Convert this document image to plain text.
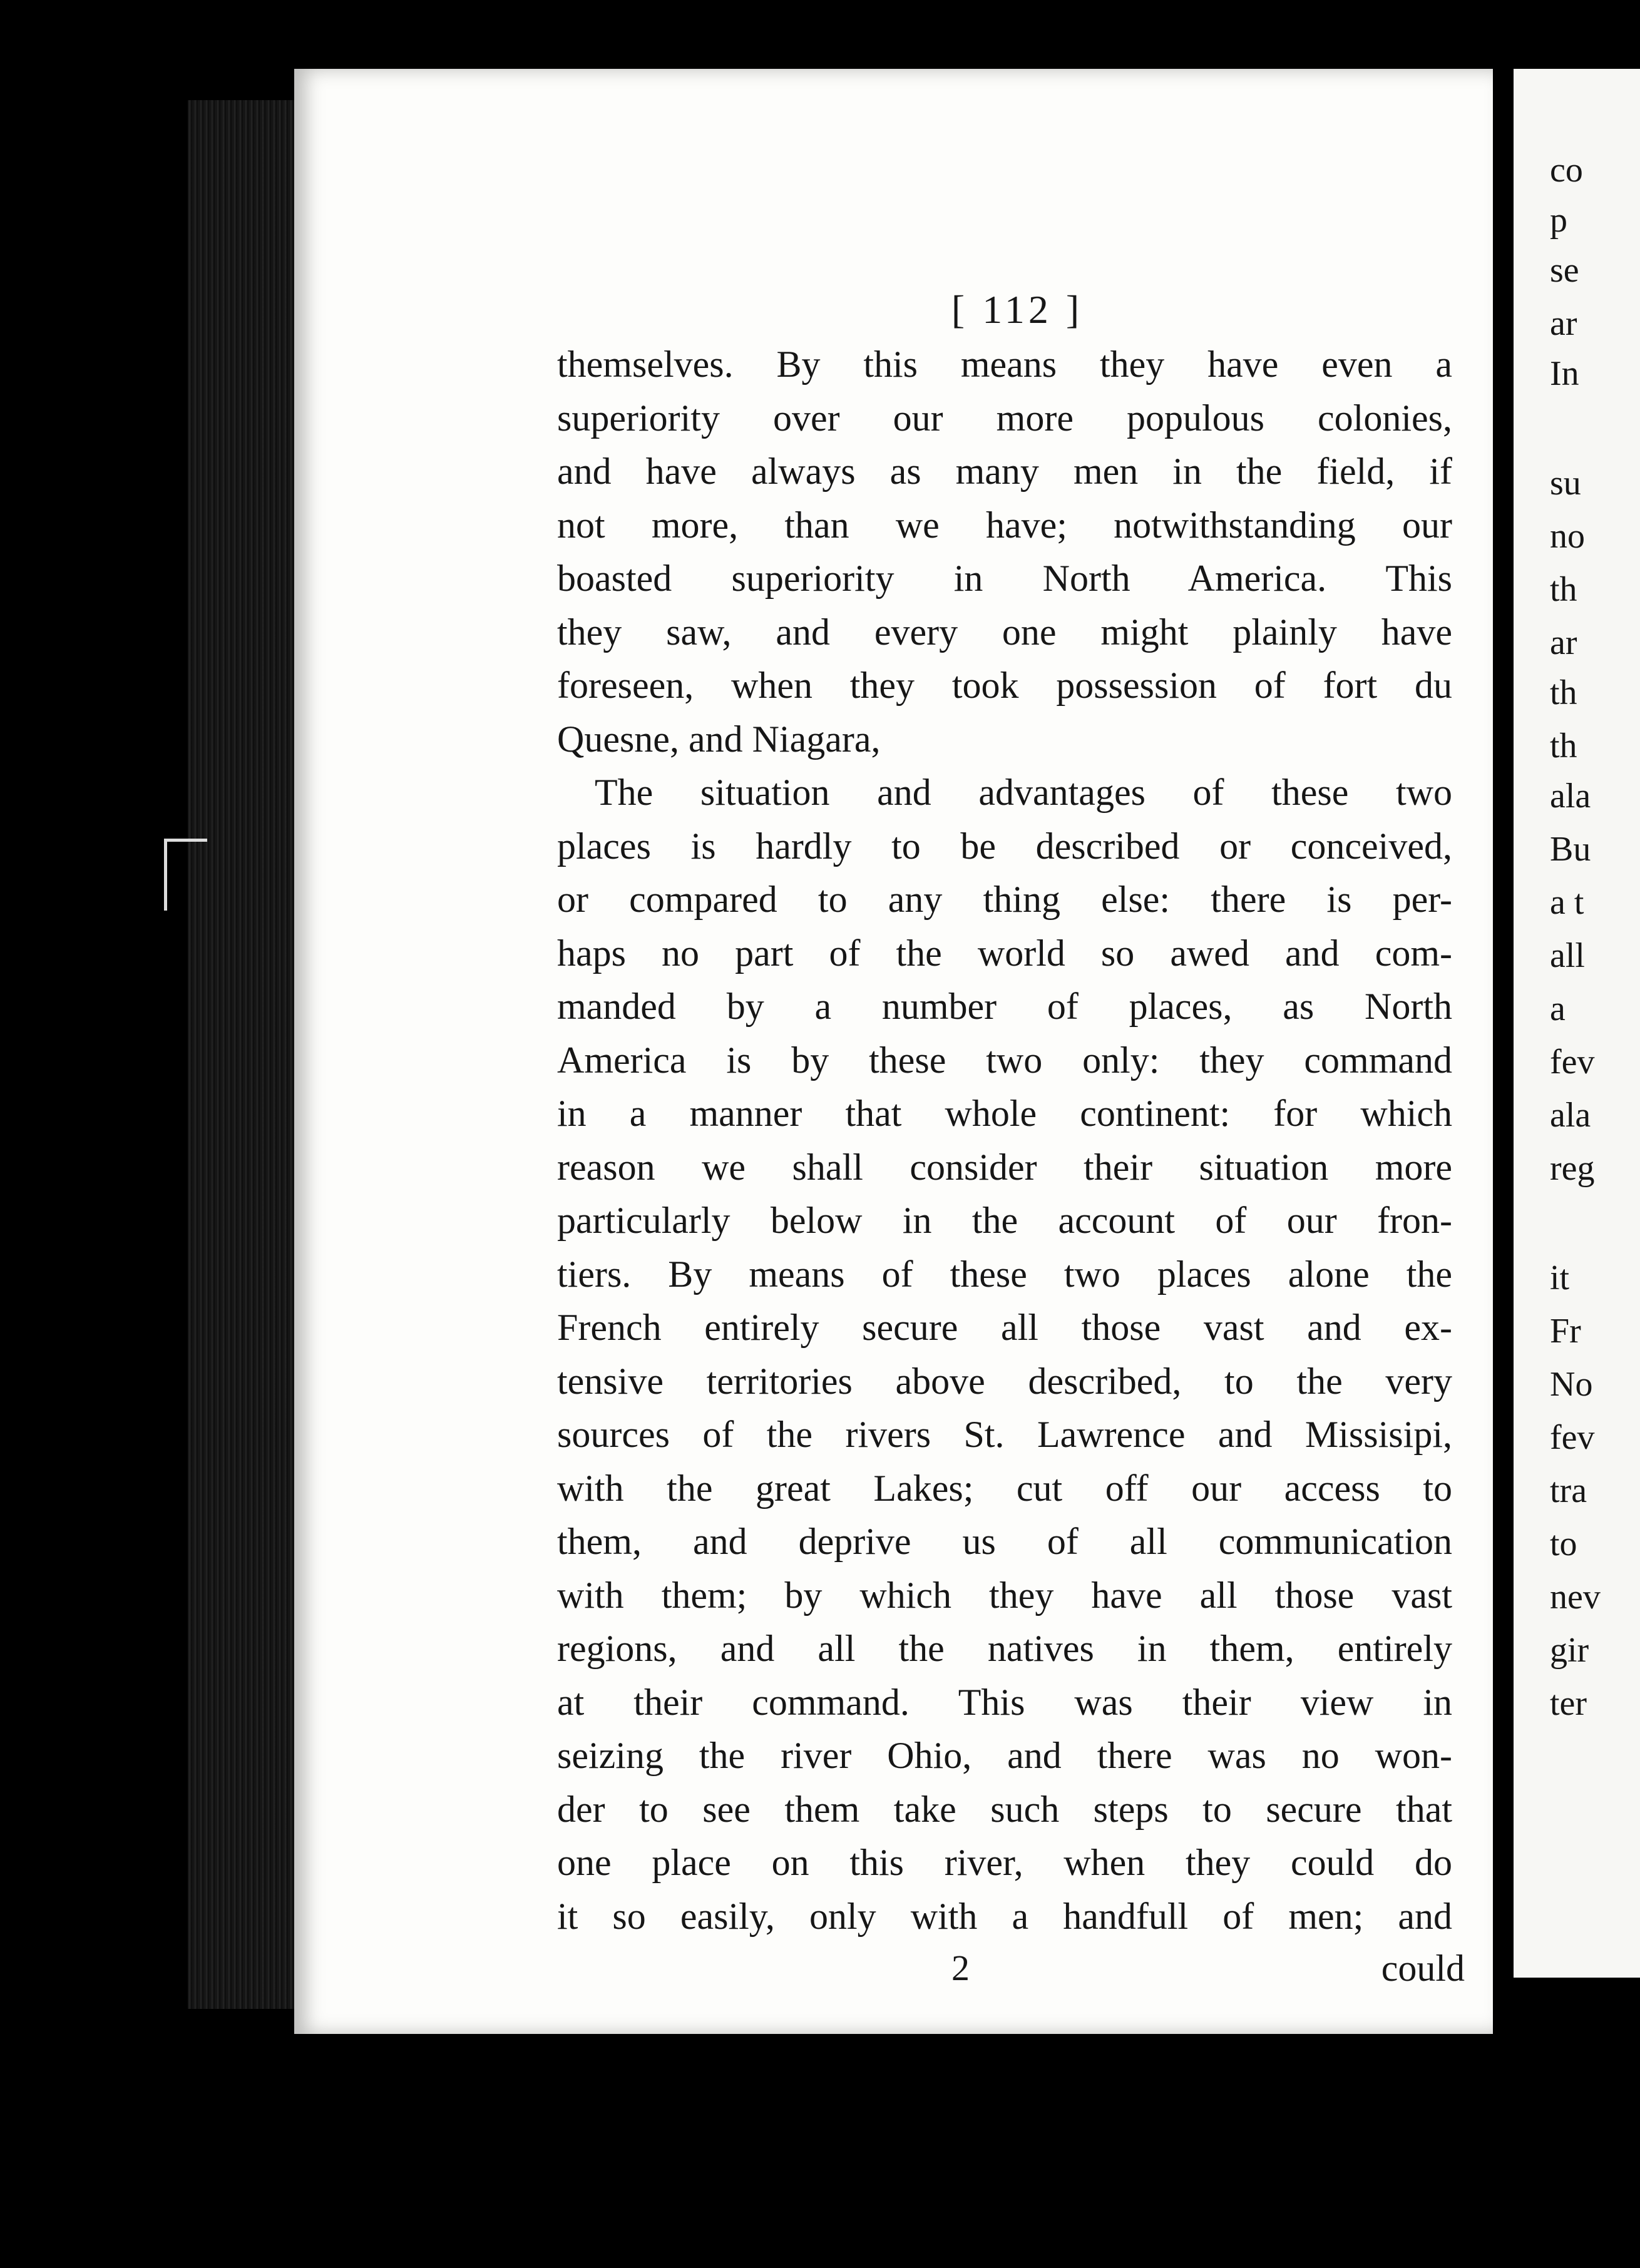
[ 112 ]
themselves. By this means they have even a
superiority over our more populous colonies,
and have always as many men in the field, if
not more, than we have; notwithstanding our
boasted superiority in North America. This
they saw, and every one might plainly have
foreseen, when they took possession of fort du
Quesne, and Niagara,
The situation and advantages of these two
places is hardly to be described or conceived,
or compared to any thing else: there is per-
haps no part of the world so awed and com-
manded by a number of places, as North
America is by these two only: they command
in a manner that whole continent: for which
reason we shall consider their situation more
particularly below in the account of our fron-
tiers. By means of these two places alone the
French entirely secure all those vast and ex-
tensive territories above described, to the very
sources of the rivers St. Lawrence and Missisipi,
with the great Lakes; cut off our access to
them, and deprive us of all communication
with them; by which they have all those vast
regions, and all the natives in them, entirely
at their command. This was their view in
seizing the river Ohio, and there was no won-
der to see them take such steps to secure that
one place on this river, when they could do
it so easily, only with a handfull of men; and
2	could
co
p
se
ar
In
su
no
th
ar
th
th
ala
Bu
a t
all
a
fev
ala
reg
it
Fr
No
fev
tra
to
nev
gir
ter
